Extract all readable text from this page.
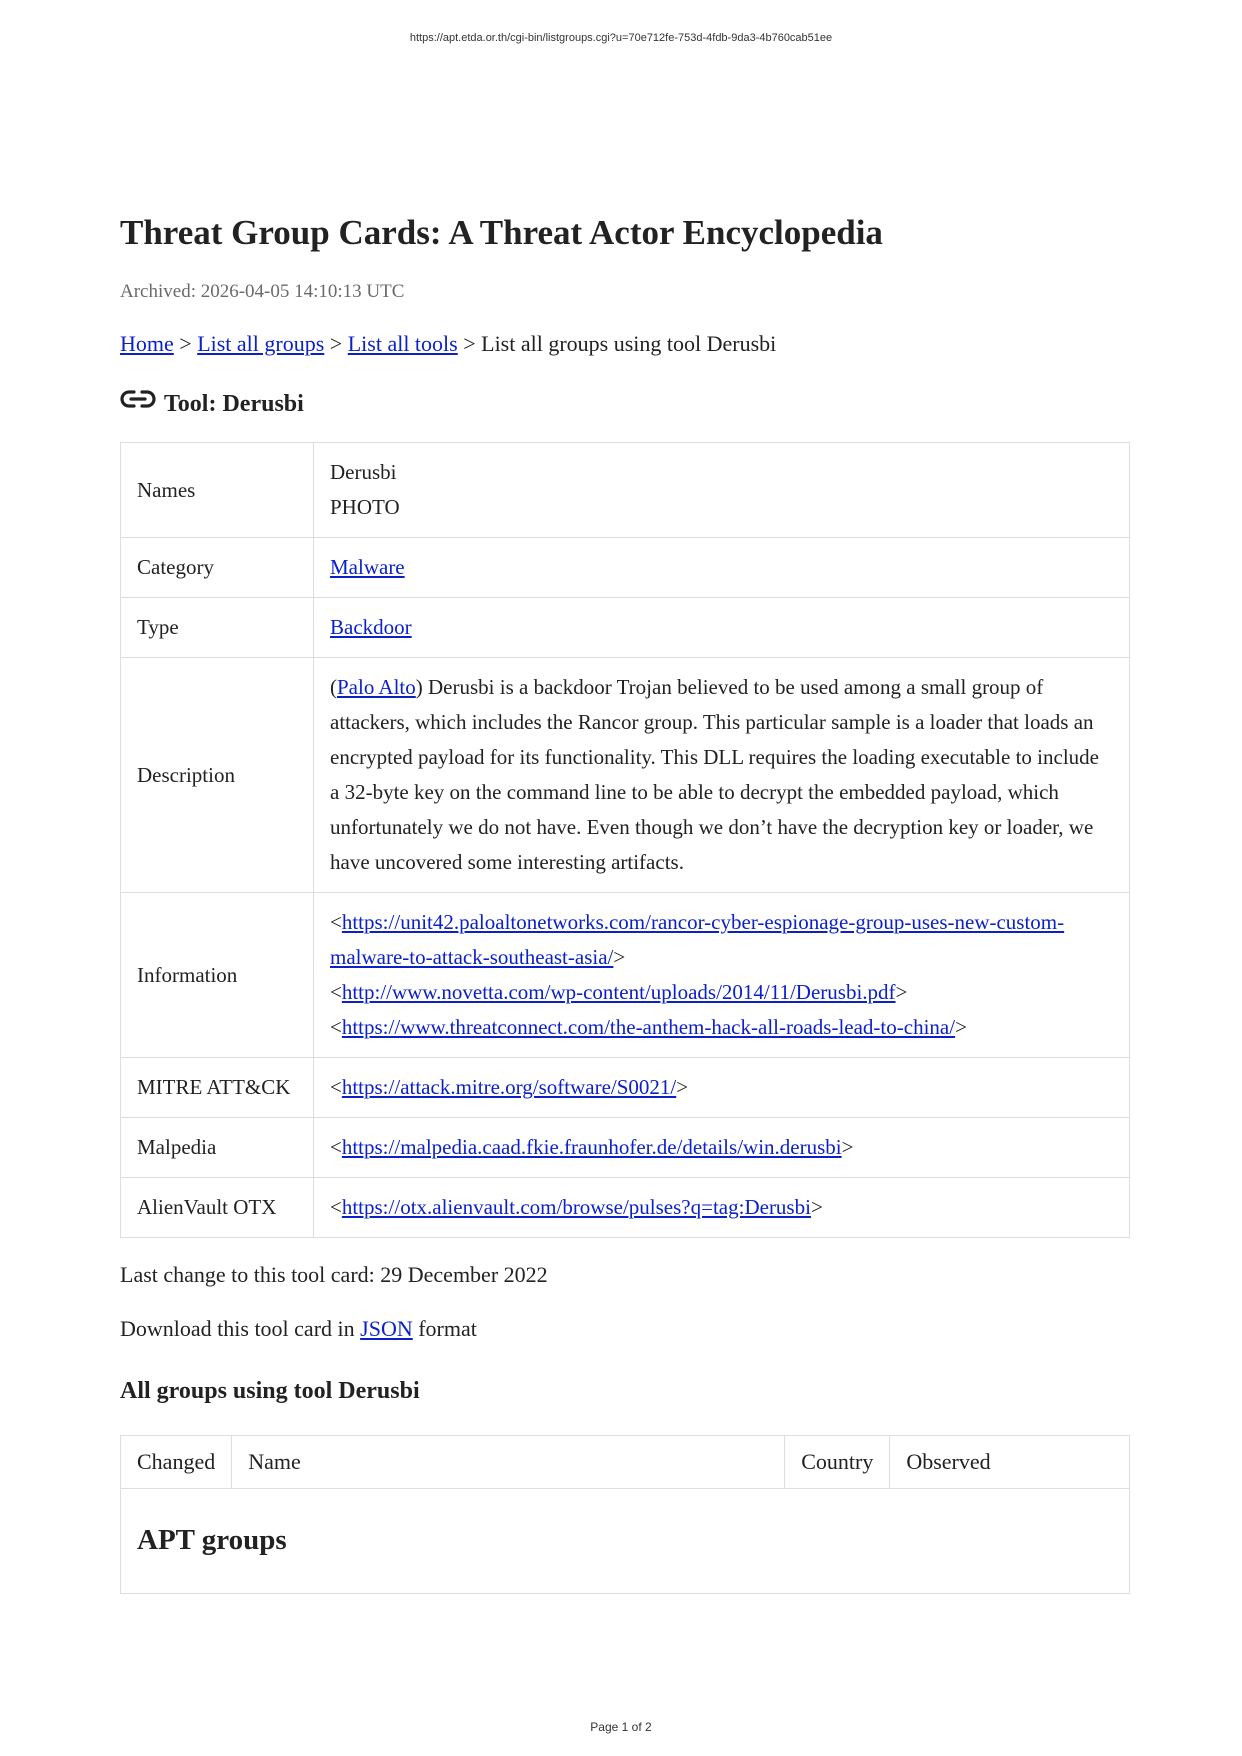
https://apt.etda.or.th/cgi-bin/listgroups.cgi?u=70e712fe-753d-4fdb-9da3-4b760cab51ee
Threat Group Cards: A Threat Actor Encyclopedia
Archived: 2026-04-05 14:10:13 UTC
Home > List all groups > List all tools > List all groups using tool Derusbi
Tool: Derusbi
Names	Derusbi
PHOTO

Category	Malware
Type	Backdoor
Description	(Palo Alto) Derusbi is a backdoor Trojan believed to be used among a small group of attackers, which includes the Rancor group. This particular sample is a loader that loads an encrypted payload for its functionality. This DLL requires the loading executable to include a 32-byte key on the command line to be able to decrypt the embedded payload, which unfortunately we do not have. Even though we don’t have the decryption key or loader, we have uncovered some interesting artifacts.
Information	<https://unit42.paloaltonetworks.com/rancor-cyber-espionage-group-uses-new-custom-malware-to-attack-southeast-asia/>
<http://www.novetta.com/wp-content/uploads/2014/11/Derusbi.pdf>
<https://www.threatconnect.com/the-anthem-hack-all-roads-lead-to-china/>

MITRE ATT&CK	<https://attack.mitre.org/software/S0021/>
Malpedia	<https://malpedia.caad.fkie.fraunhofer.de/details/win.derusbi>
AlienVault OTX	<https://otx.alienvault.com/browse/pulses?q=tag:Derusbi>
Last change to this tool card: 29 December 2022
Download this tool card in JSON format
All groups using tool Derusbi
Changed	Name	Country	Observed
APT groups
Page 1 of 2
